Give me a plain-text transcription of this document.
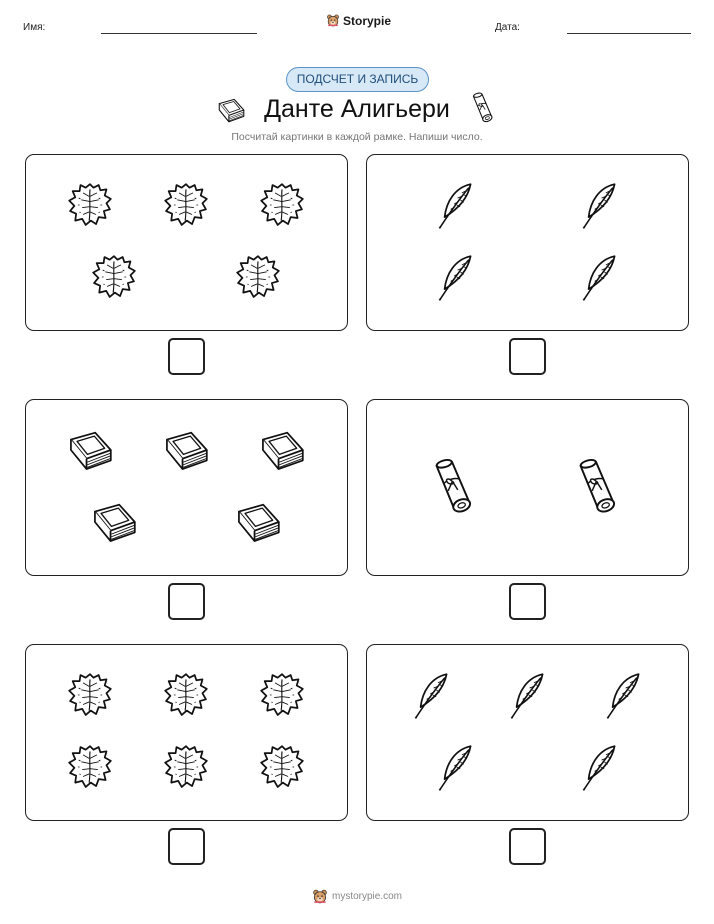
Имя:	Storypie	Дата:
ПОДСЧЕТ И ЗАПИСЬ
Данте Алигьери
Посчитай картинки в каждой рамке. Напиши число.
mystorypie.com
